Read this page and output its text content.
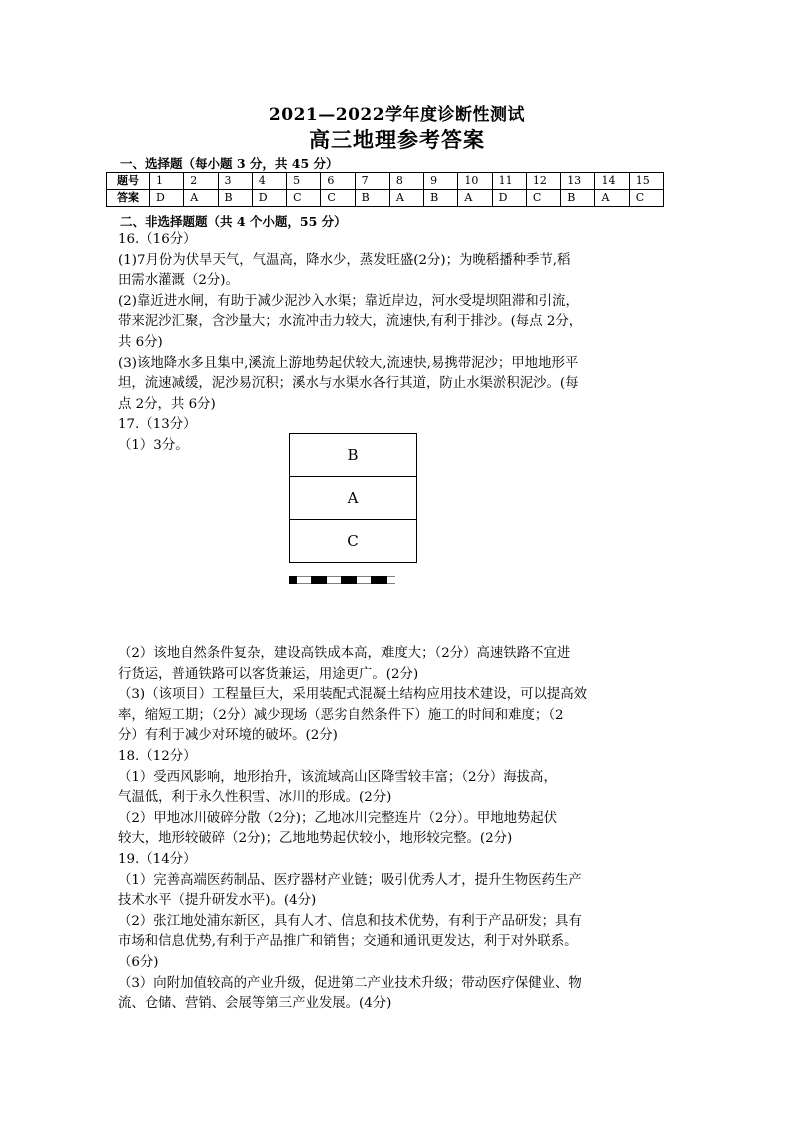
2021—2022学年度诊断性测试
高三地理参考答案
一、选择题（每小题 3 分，共 45 分）
题号	1	2	3	4	5	6	7	8	9	10	11	12	13	14	15
答案	D	A	B	D	C	C	B	A	B	A	D	C	B	A	C
二、非选择题题（共 4 个小题，55 分）

16.（16分）

(1)7月份为伏旱天气，气温高，降水少，蒸发旺盛(2分)；为晚稻播种季节,稻

田需水灌溉（2分)。

(2)靠近进水闸，有助于减少泥沙入水渠；靠近岸边，河水受堤坝阻滞和引流，

带来泥沙汇聚，含沙量大；水流冲击力较大，流速快,有利于排沙。(每点 2分，

共 6分)

(3)该地降水多且集中,溪流上游地势起伏较大,流速快,易携带泥沙；甲地地形平

坦，流速减缓，泥沙易沉积；溪水与水渠水各行其道，防止水渠淤积泥沙。(每

点 2分，共 6分)

17.（13分）

（1）3分。

B
A
C

（2）该地自然条件复杂，建设高铁成本高，难度大；（2分）高速铁路不宜进

行货运，普通铁路可以客货兼运，用途更广。(2分)

（3)（该项目）工程量巨大，采用装配式混凝土结构应用技术建设，可以提高效

率，缩短工期；（2分）减少现场（恶劣自然条件下）施工的时间和难度；（2

分）有利于减少对环境的破坏。(2分)

18.（12分）

（1）受西风影响，地形抬升，该流域高山区降雪较丰富；（2分）海拔高，

气温低，利于永久性积雪、冰川的形成。(2分)

（2）甲地冰川破碎分散（2分)；乙地冰川完整连片（2分）。甲地地势起伏

较大，地形较破碎（2分)；乙地地势起伏较小，地形较完整。(2分)

19.（14分）

（1）完善高端医药制品、医疗器材产业链；吸引优秀人才，提升生物医药生产

技术水平（提升研发水平)。(4分)

（2）张江地处浦东新区，具有人才、信息和技术优势，有利于产品研发；具有

市场和信息优势,有利于产品推广和销售；交通和通讯更发达，利于对外联系。

（6分)

（3）向附加值较高的产业升级，促进第二产业技术升级；带动医疗保健业、物

流、仓储、营销、会展等第三产业发展。(4分)
